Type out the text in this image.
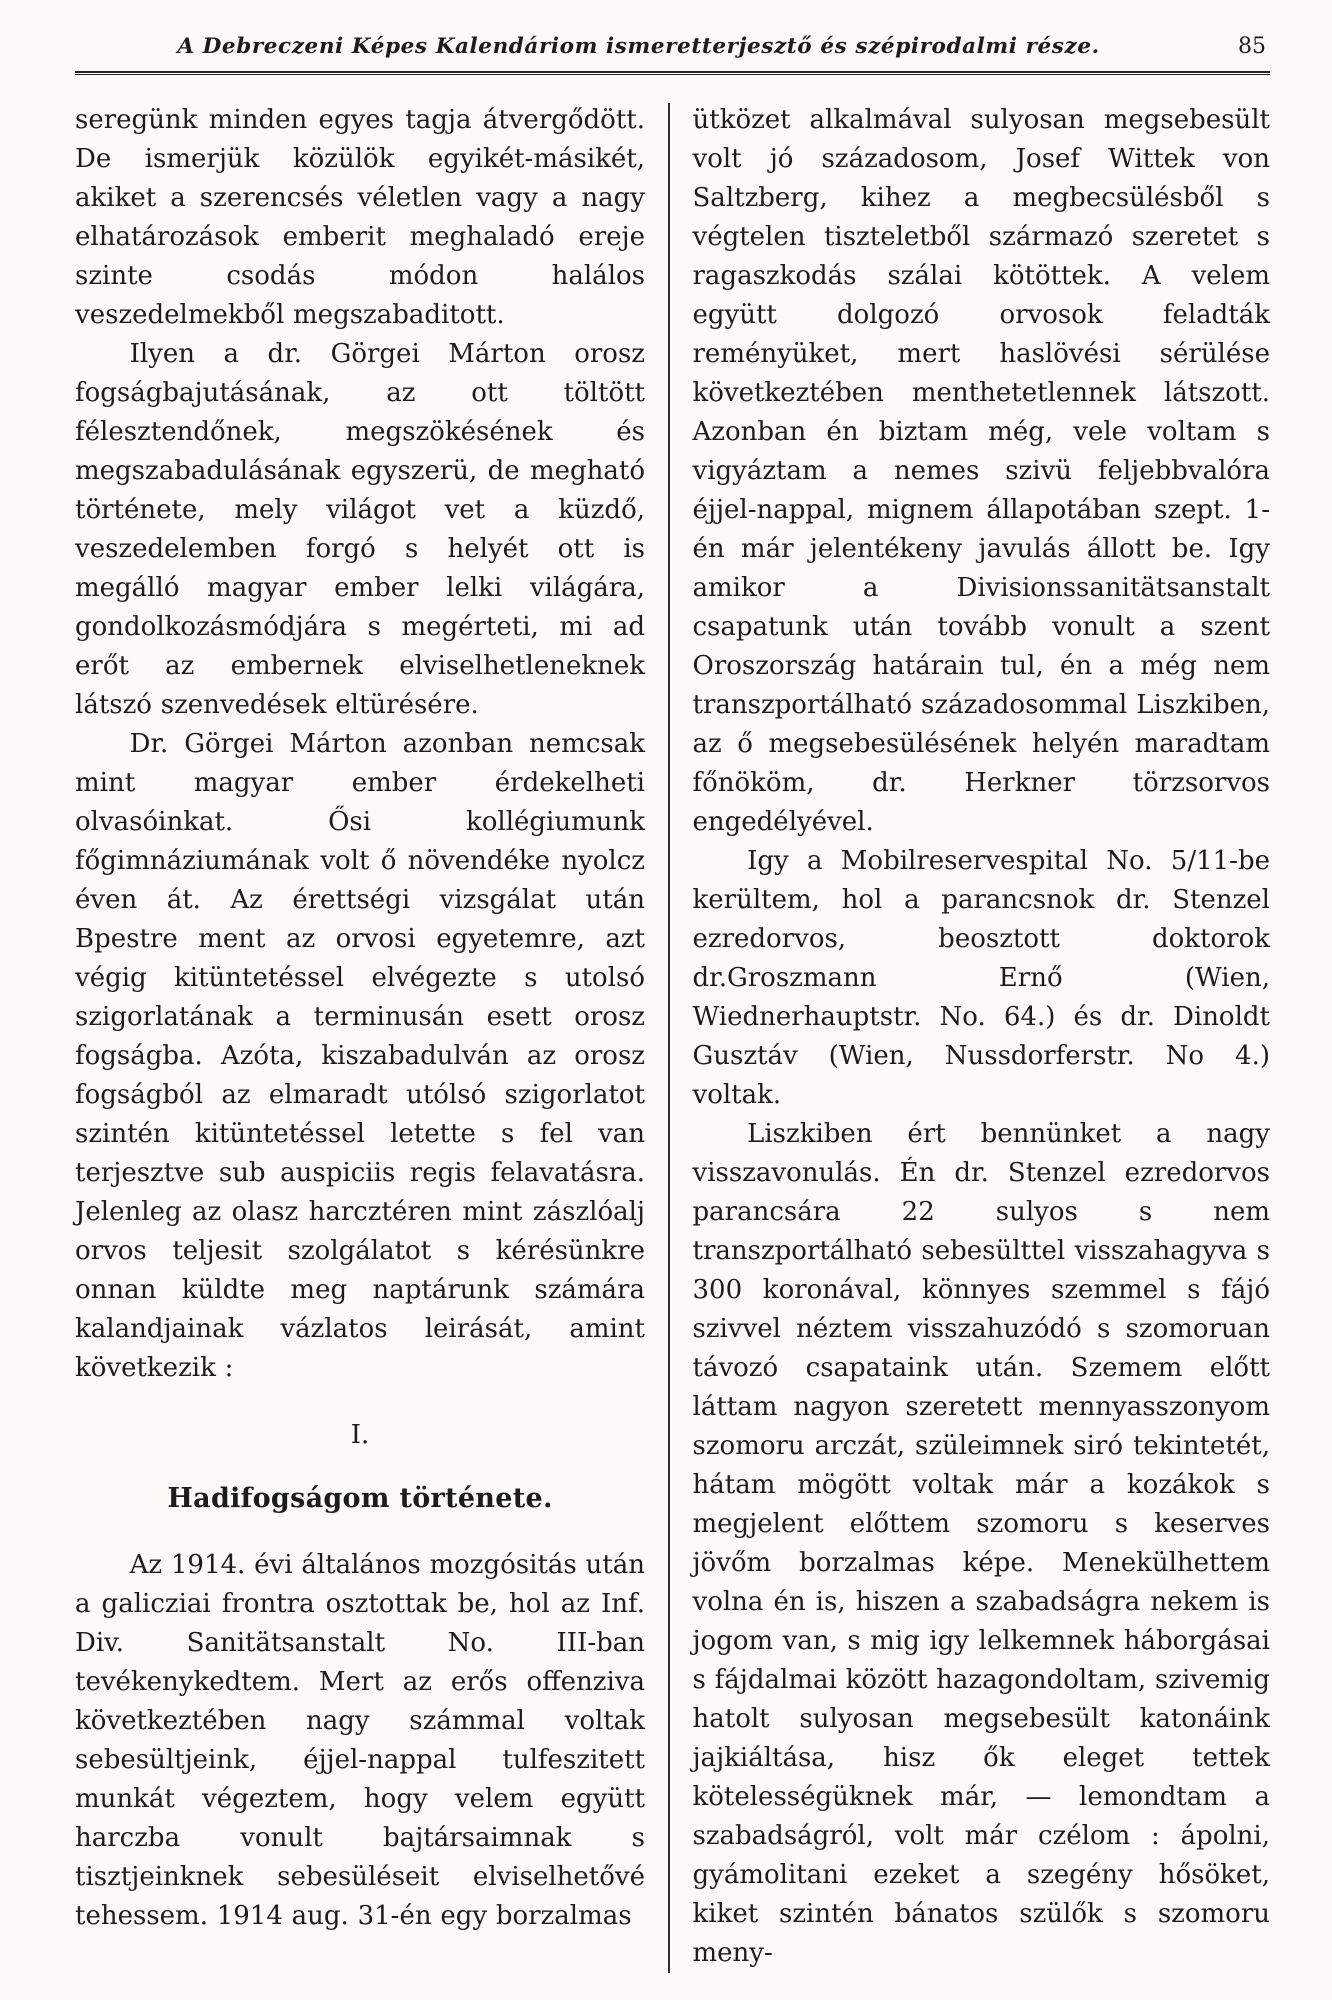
A Debreczeni Képes Kalendáriom ismeretterjesztő és szépirodalmi része.	85

seregünk minden egyes tagja átvergődött. De ismerjük közülök egyikét-másikét, akiket a szerencsés véletlen vagy a nagy elhatározások emberit meghaladó ereje szinte csodás módon halálos veszedelmekből megszabaditott.

Ilyen a dr. Görgei Márton orosz fogságbajutásának, az ott töltött félesztendőnek, megszökésének és megszabadulásának egyszerü, de megható története, mely világot vet a küzdő, veszedelemben forgó s helyét ott is megálló magyar ember lelki világára, gondolkozásmódjára s megérteti, mi ad erőt az embernek elviselhetleneknek látszó szenvedések eltürésére.

Dr. Görgei Márton azonban nemcsak mint magyar ember érdekelheti olvasóinkat. Ősi kollégiumunk főgimnáziumának volt ő növendéke nyolcz éven át. Az érettségi vizsgálat után Bpestre ment az orvosi egyetemre, azt végig kitüntetéssel elvégezte s utolsó szigorlatának a terminusán esett orosz fogságba. Azóta, kiszabadulván az orosz fogságból az elmaradt utólsó szigorlatot szintén kitüntetéssel letette s fel van terjesztve sub auspiciis regis felavatásra. Jelenleg az olasz harcztéren mint zászlóalj orvos teljesit szolgálatot s kérésünkre onnan küldte meg naptárunk számára kalandjainak vázlatos leirását, amint következik :

I.
Hadifogságom története.

Az 1914. évi általános mozgósitás után a galicziai frontra osztottak be, hol az Inf. Div. Sanitätsanstalt No. III-ban tevékenykedtem. Mert az erős offenziva következtében nagy számmal voltak sebesültjeink, éjjel-nappal tulfeszitett munkát végeztem, hogy velem együtt harczba vonult bajtársaimnak s tisztjeinknek sebesüléseit elviselhetővé tehessem. 1914 aug. 31-én egy borzalmas

ütközet alkalmával sulyosan megsebesült volt jó századosom, Josef Wittek von Saltzberg, kihez a megbecsülésből s végtelen tiszteletből származó szeretet s ragaszkodás szálai kötöttek. A velem együtt dolgozó orvosok feladták reményüket, mert haslövési sérülése következtében menthetetlennek látszott. Azonban én biztam még, vele voltam s vigyáztam a nemes szivü feljebbvalóra éjjel-nappal, mignem állapotában szept. 1-én már jelentékeny javulás állott be. Igy amikor a Divisionssanitätsanstalt csapatunk után tovább vonult a szent Oroszország határain tul, én a még nem transzportálható századosommal Liszkiben, az ő megsebesülésének helyén maradtam főnököm, dr. Herkner törzsorvos engedélyével.

Igy a Mobilreservespital No. 5/11-be kerültem, hol a parancsnok dr. Stenzel ezredorvos, beosztott doktorok dr.Groszmann Ernő (Wien, Wiednerhauptstr. No. 64.) és dr. Dinoldt Gusztáv (Wien, Nussdorferstr. No 4.) voltak.

Liszkiben ért bennünket a nagy visszavonulás. Én dr. Stenzel ezredorvos parancsára 22 sulyos s nem transzportálható sebesülttel visszahagyva s 300 koronával, könnyes szemmel s fájó szivvel néztem visszahuzódó s szomoruan távozó csapataink után. Szemem előtt láttam nagyon szeretett mennyasszonyom szomoru arczát, szüleimnek siró tekintetét, hátam mögött voltak már a kozákok s megjelent előttem szomoru s keserves jövőm borzalmas képe. Menekülhettem volna én is, hiszen a szabadságra nekem is jogom van, s mig igy lelkemnek háborgásai s fájdalmai között hazagondoltam, szivemig hatolt sulyosan megsebesült katonáink jajkiáltása, hisz ők eleget tettek kötelességüknek már, — lemondtam a szabadságról, volt már czélom : ápolni, gyámolitani ezeket a szegény hősöket, kiket szintén bánatos szülők s szomoru meny-
